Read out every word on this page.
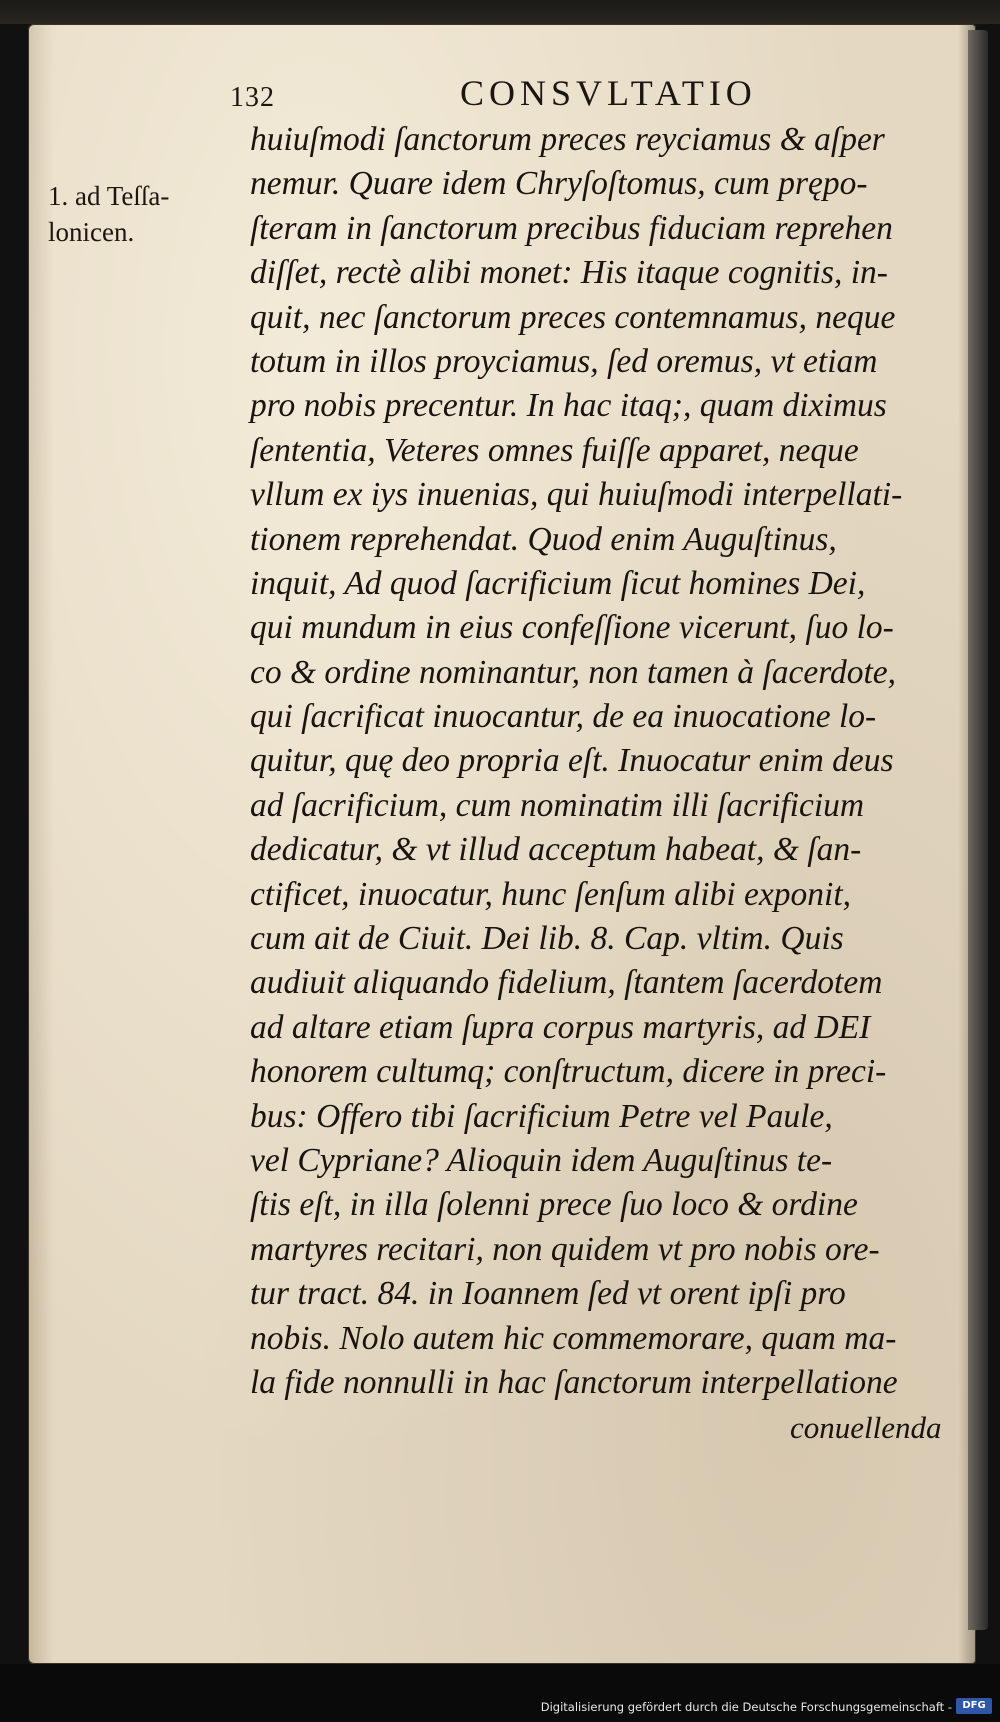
132	CONSVLTATIO
1. ad Teſſa-
lonicen.
huiuſmodi ſanctorum preces reyciamus & aſper
nemur. Quare idem Chryſoſtomus, cum prępo-
ſteram in ſanctorum precibus fiduciam reprehen
diſſet, rectè alibi monet: His itaque cognitis, in-
quit, nec ſanctorum preces contemnamus, neque
totum in illos proyciamus, ſed oremus, vt etiam
pro nobis precentur. In hac itaq;, quam diximus
ſententia, Veteres omnes fuiſſe apparet, neque
vllum ex iys inuenias, qui huiuſmodi interpellati-
tionem reprehendat. Quod enim Auguſtinus,
inquit, Ad quod ſacrificium ſicut homines Dei,
qui mundum in eius confeſſione vicerunt, ſuo lo-
co & ordine nominantur, non tamen à ſacerdote,
qui ſacrificat inuocantur, de ea inuocatione lo-
quitur, quę deo propria eſt. Inuocatur enim deus
ad ſacrificium, cum nominatim illi ſacrificium
dedicatur, & vt illud acceptum habeat, & ſan-
ctificet, inuocatur, hunc ſenſum alibi exponit,
cum ait de Ciuit. Dei lib. 8. Cap. vltim. Quis
audiuit aliquando fidelium, ſtantem ſacerdotem
ad altare etiam ſupra corpus martyris, ad DEI
honorem cultumq; conſtructum, dicere in preci-
bus: Offero tibi ſacrificium Petre vel Paule,
vel Cypriane? Alioquin idem Auguſtinus te-
ſtis eſt, in illa ſolenni prece ſuo loco & ordine
martyres recitari, non quidem vt pro nobis ore-
tur tract. 84. in Ioannem ſed vt orent ipſi pro
nobis. Nolo autem hic commemorare, quam ma-
la fide nonnulli in hac ſanctorum interpellatione
conuellenda
Digitalisierung gefördert durch die Deutsche Forschungsgemeinschaft -	DFG
